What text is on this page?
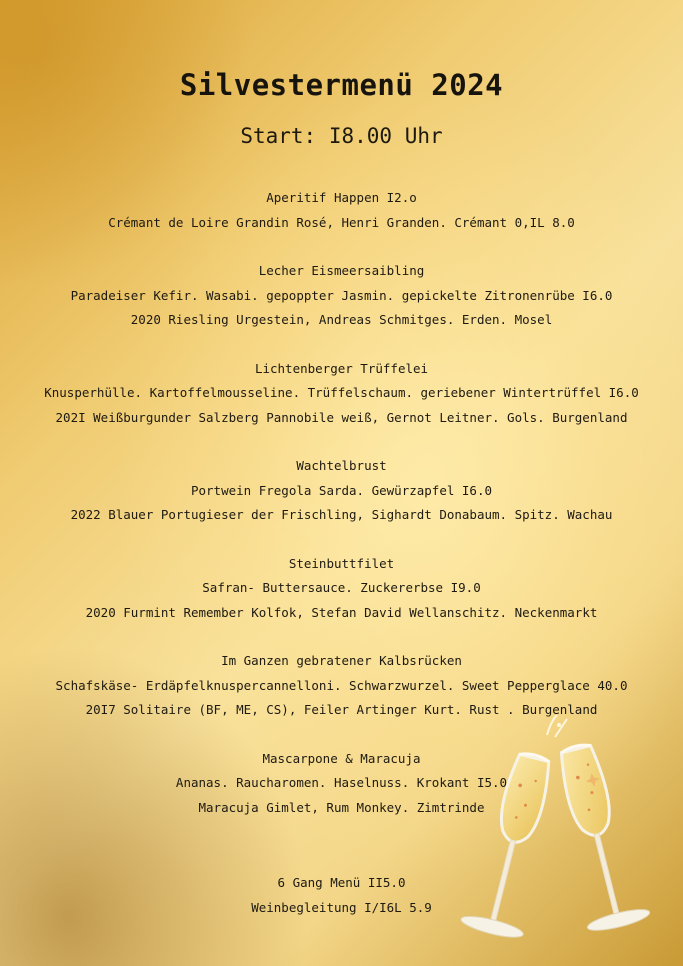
Silvestermenü 2024
Start: I8.00 Uhr
Aperitif Happen I2.o
Crémant de Loire Grandin Rosé, Henri Granden. Crémant 0,IL 8.0
Lecher Eismeersaibling
Paradeiser Kefir. Wasabi. gepoppter Jasmin. gepickelte Zitronenrübe I6.0
2020 Riesling Urgestein, Andreas Schmitges. Erden. Mosel
Lichtenberger Trüffelei
Knusperhülle. Kartoffelmousseline. Trüffelschaum. geriebener Wintertrüffel I6.0
202I Weißburgunder Salzberg Pannobile weiß, Gernot Leitner. Gols. Burgenland
Wachtelbrust
Portwein Fregola Sarda. Gewürzapfel I6.0
2022 Blauer Portugieser der Frischling, Sighardt Donabaum. Spitz. Wachau
Steinbuttfilet
Safran- Buttersauce. Zuckererbse I9.0
2020 Furmint Remember Kolfok, Stefan David Wellanschitz. Neckenmarkt
Im Ganzen gebratener Kalbsrücken
Schafskäse- Erdäpfelknuspercannelloni. Schwarzwurzel. Sweet Pepperglace 40.0
20I7 Solitaire (BF, ME, CS), Feiler Artinger Kurt. Rust . Burgenland
Mascarpone & Maracuja
Ananas. Raucharomen. Haselnuss. Krokant I5.0
Maracuja Gimlet, Rum Monkey. Zimtrinde
6 Gang Menü II5.0
Weinbegleitung I/I6L 5.9
